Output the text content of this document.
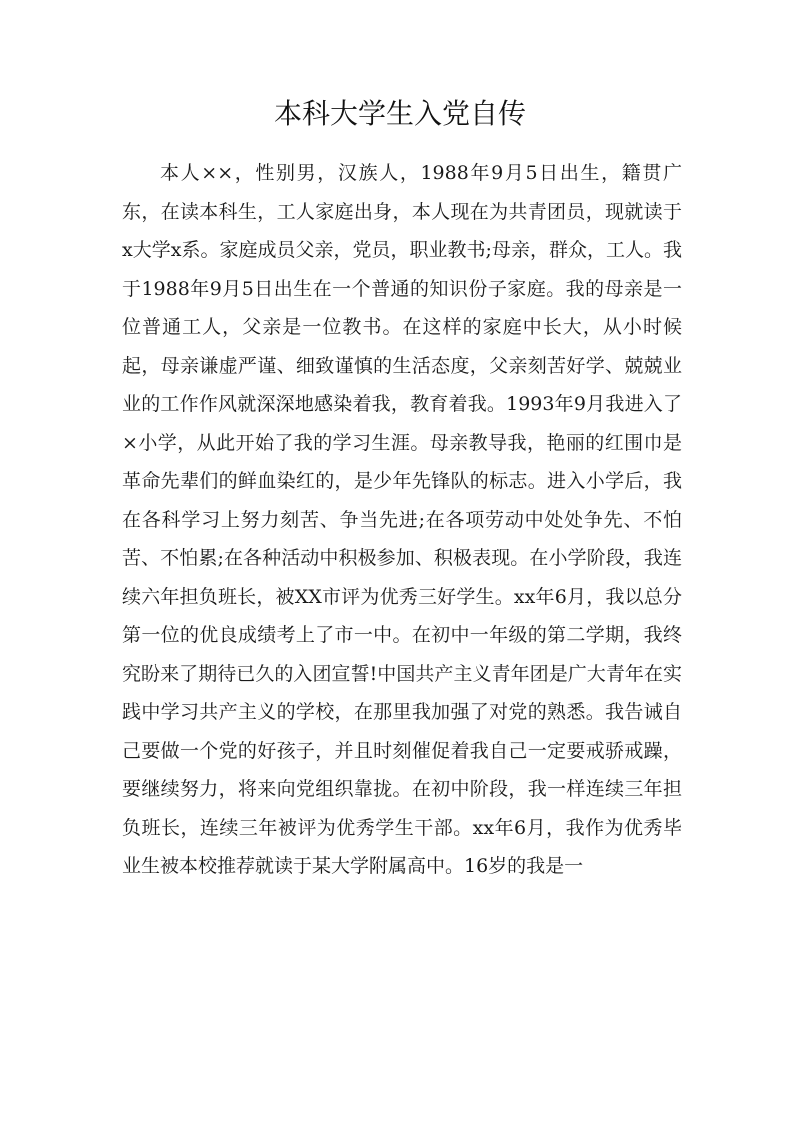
本科大学生入党自传

本人××，性别男，汉族人，1988年9月5日出生，籍贯广东，在读本科生，工人家庭出身，本人现在为共青团员，现就读于x大学x系。家庭成员父亲，党员，职业教书;母亲，群众，工人。我于1988年9月5日出生在一个普通的知识份子家庭。我的母亲是一位普通工人，父亲是一位教书。在这样的家庭中长大，从小时候起，母亲谦虚严谨、细致谨慎的生活态度，父亲刻苦好学、兢兢业业的工作作风就深深地感染着我，教育着我。1993年9月我进入了×小学，从此开始了我的学习生涯。母亲教导我，艳丽的红围巾是革命先辈们的鲜血染红的，是少年先锋队的标志。进入小学后，我在各科学习上努力刻苦、争当先进;在各项劳动中处处争先、不怕苦、不怕累;在各种活动中积极参加、积极表现。在小学阶段，我连续六年担负班长，被XX市评为优秀三好学生。xx年6月，我以总分第一位的优良成绩考上了市一中。在初中一年级的第二学期，我终究盼来了期待已久的入团宣誓!中国共产主义青年团是广大青年在实践中学习共产主义的学校，在那里我加强了对党的熟悉。我告诫自己要做一个党的好孩子，并且时刻催促着我自己一定要戒骄戒躁，要继续努力，将来向党组织靠拢。在初中阶段，我一样连续三年担负班长，连续三年被评为优秀学生干部。xx年6月，我作为优秀毕业生被本校推荐就读于某大学附属高中。16岁的我是一
